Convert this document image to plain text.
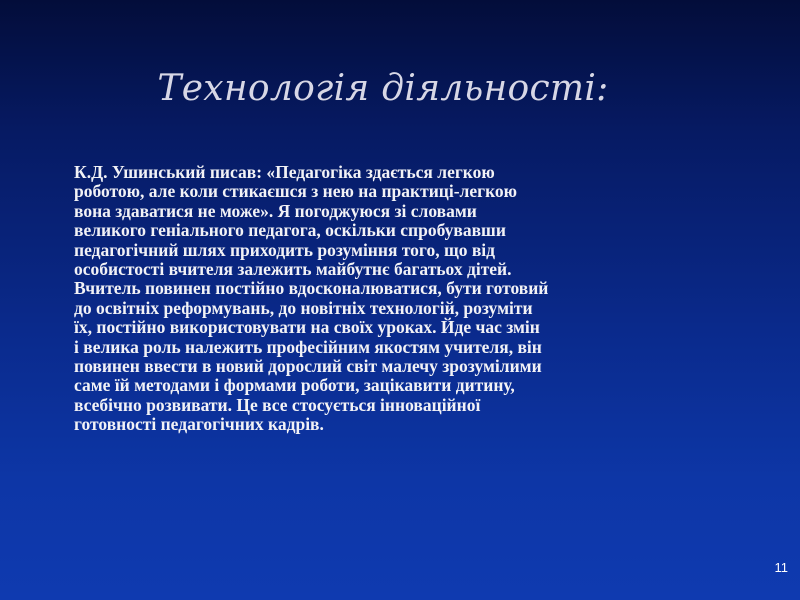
Технологія діяльності:

К.Д. Ушинський писав: «Педагогіка здається легкою
роботою, але коли стикаєшся з нею на практиці-легкою
вона здаватися не може». Я погоджуюся зі словами
великого геніального педагога, оскільки спробувавши
педагогічний шлях приходить розуміння того, що від
особистості вчителя залежить майбутнє багатьох дітей.
Вчитель повинен постійно вдосконалюватися, бути готовий
до освітніх реформувань, до новітніх технологій, розуміти
їх, постійно використовувати на своїх уроках. Йде час змін
і велика роль належить професійним якостям учителя, він
повинен ввести в новий дорослий світ малечу зрозумілими
саме їй методами і формами роботи, зацікавити дитину,
всебічно розвивати. Це все стосується інноваційної
готовності педагогічних кадрів.

11
